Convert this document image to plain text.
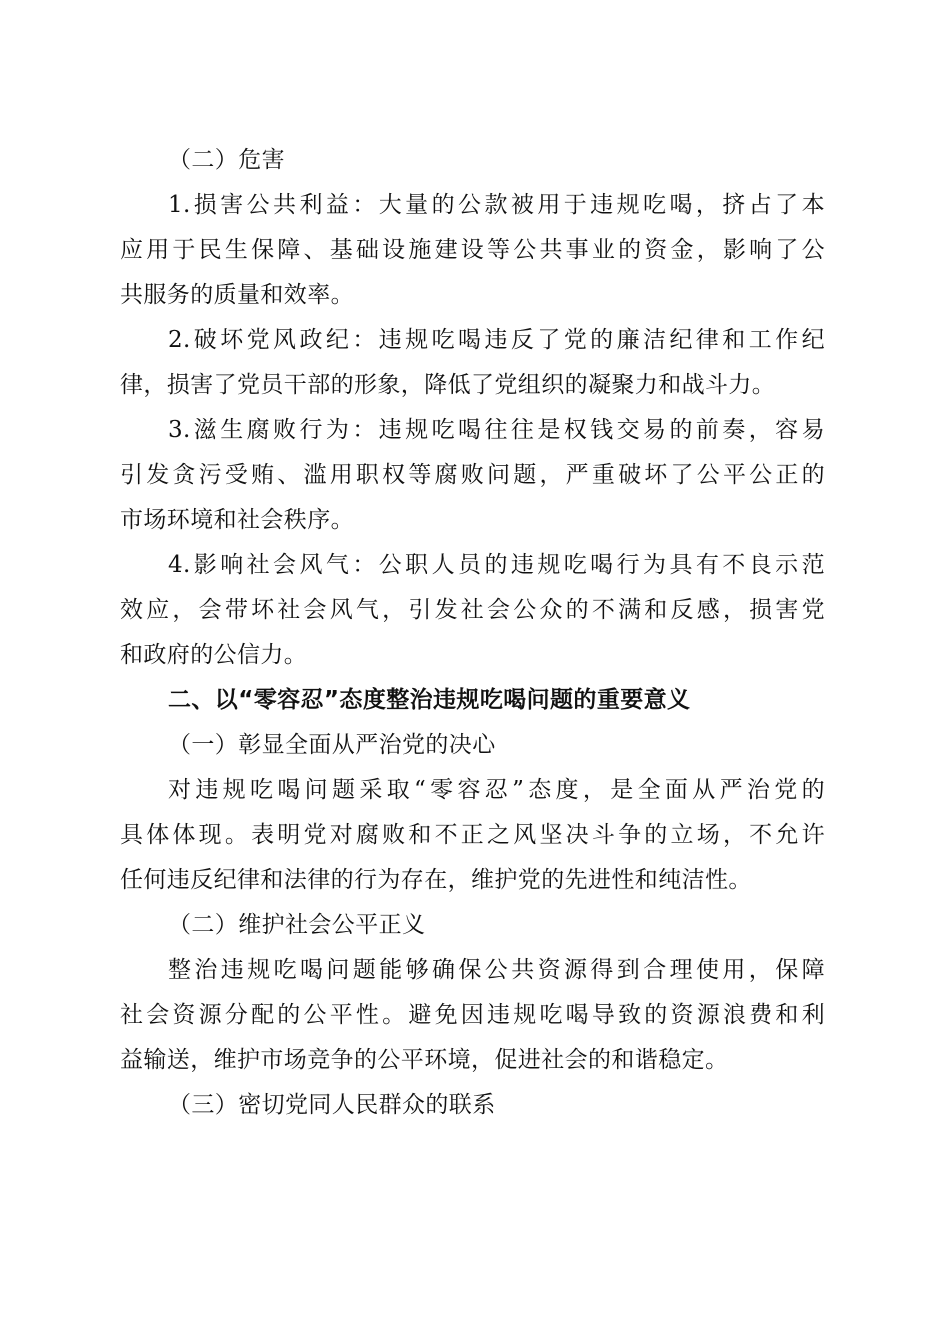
（二）危害
1.损害公共利益：大量的公款被用于违规吃喝，挤占了本
应用于民生保障、基础设施建设等公共事业的资金，影响了公
共服务的质量和效率。
2.破坏党风政纪：违规吃喝违反了党的廉洁纪律和工作纪
律，损害了党员干部的形象，降低了党组织的凝聚力和战斗力。
3.滋生腐败行为：违规吃喝往往是权钱交易的前奏，容易
引发贪污受贿、滥用职权等腐败问题，严重破坏了公平公正的
市场环境和社会秩序。
4.影响社会风气：公职人员的违规吃喝行为具有不良示范
效应，会带坏社会风气，引发社会公众的不满和反感，损害党
和政府的公信力。
二、以“零容忍”态度整治违规吃喝问题的重要意义
（一）彰显全面从严治党的决心
对违规吃喝问题采取“零容忍”态度，是全面从严治党的
具体体现。表明党对腐败和不正之风坚决斗争的立场，不允许
任何违反纪律和法律的行为存在，维护党的先进性和纯洁性。
（二）维护社会公平正义
整治违规吃喝问题能够确保公共资源得到合理使用，保障
社会资源分配的公平性。避免因违规吃喝导致的资源浪费和利
益输送，维护市场竞争的公平环境，促进社会的和谐稳定。
（三）密切党同人民群众的联系
